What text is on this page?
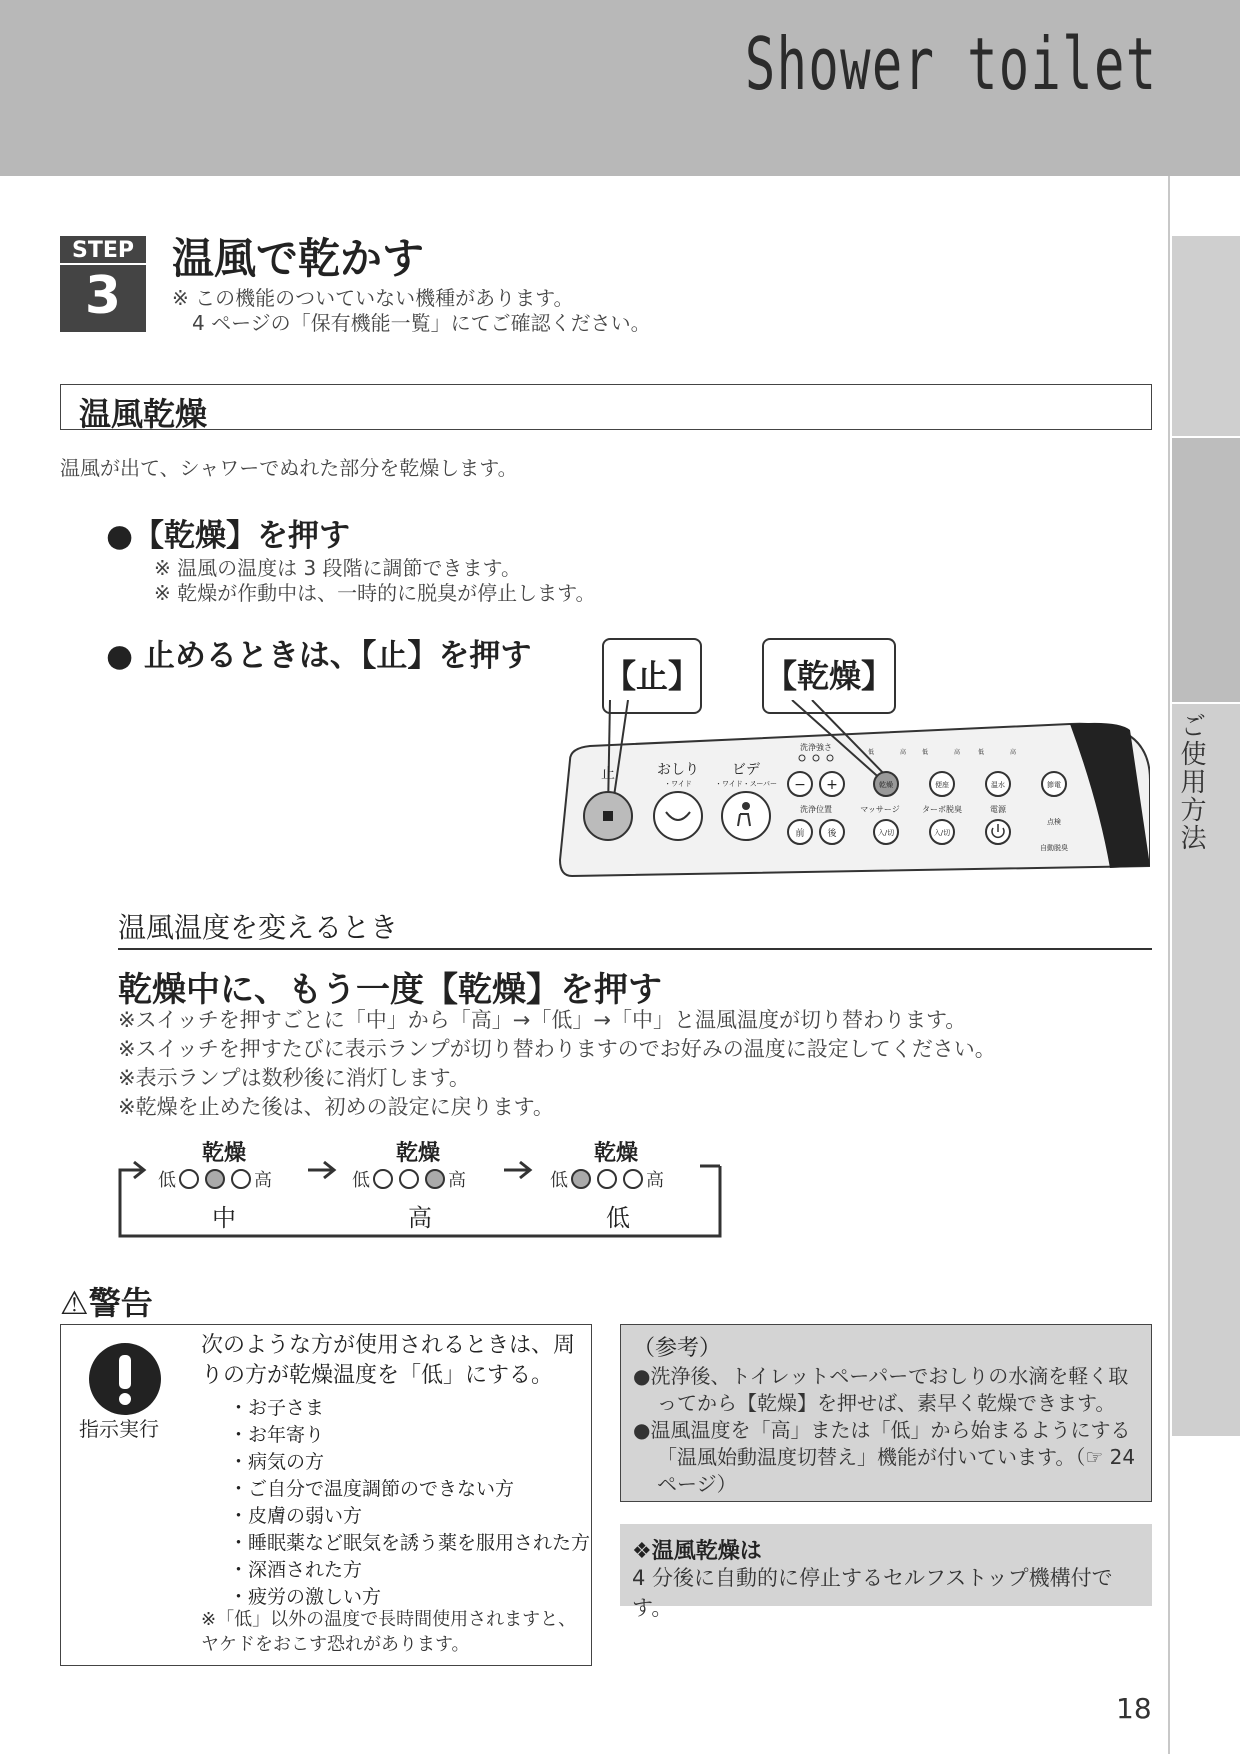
Shower toilet
ご使用方法
STEP
3
温風で乾かす
※ この機能のついていない機種があります。
　4 ページの「保有機能一覧」にてご確認ください。
温風乾燥
温風が出て、シャワーでぬれた部分を乾燥します。
●【乾燥】を押す
※ 温風の温度は 3 段階に調節できます。
※ 乾燥が作動中は、一時的に脱臭が停止します。
● 止めるときは、【止】を押す
【止】 【乾燥】
止	おしり
・ワイド
ビデ
・ワイド・スーパー
洗浄強さ
− +
洗浄位置
前	後
低	高	低	高	低	高
乾燥
マッサージ
入/切
便座
ターボ脱臭
入/切
温水
電源
節電
点検
自動脱臭
温風温度を変えるとき
乾燥中に、もう一度【乾燥】を押す
※スイッチを押すごとに「中」から「高」→「低」→「中」と温風温度が切り替わります。
※スイッチを押すたびに表示ランプが切り替わりますのでお好みの温度に設定してください。
※表示ランプは数秒後に消灯します。
※乾燥を止めた後は、初めの設定に戻ります。
乾燥
低	高
中
乾燥
低	高
高
乾燥
低	高
低
⚠警告
指示実行
次のような方が使用されるときは、周りの方が乾燥温度を「低」にする。
・ お子さま
・ お年寄り
・ 病気の方
・ ご自分で温度調節のできない方
・ 皮膚の弱い方
・ 睡眠薬など眠気を誘う薬を服用された方
・ 深酒された方
・ 疲労の激しい方
※「低」以外の温度で長時間使用されますと、ヤケドをおこす恐れがあります。
（参考）
● 洗浄後、トイレットペーパーでおしりの水滴を軽く取ってから【乾燥】を押せば、素早く乾燥できます。
● 温風温度を「高」または「低」から始まるようにする「温風始動温度切替え」機能が付いています。（☞ 24 ページ）
❖温風乾燥は
4 分後に自動的に停止するセルフストップ機構付です。
18
